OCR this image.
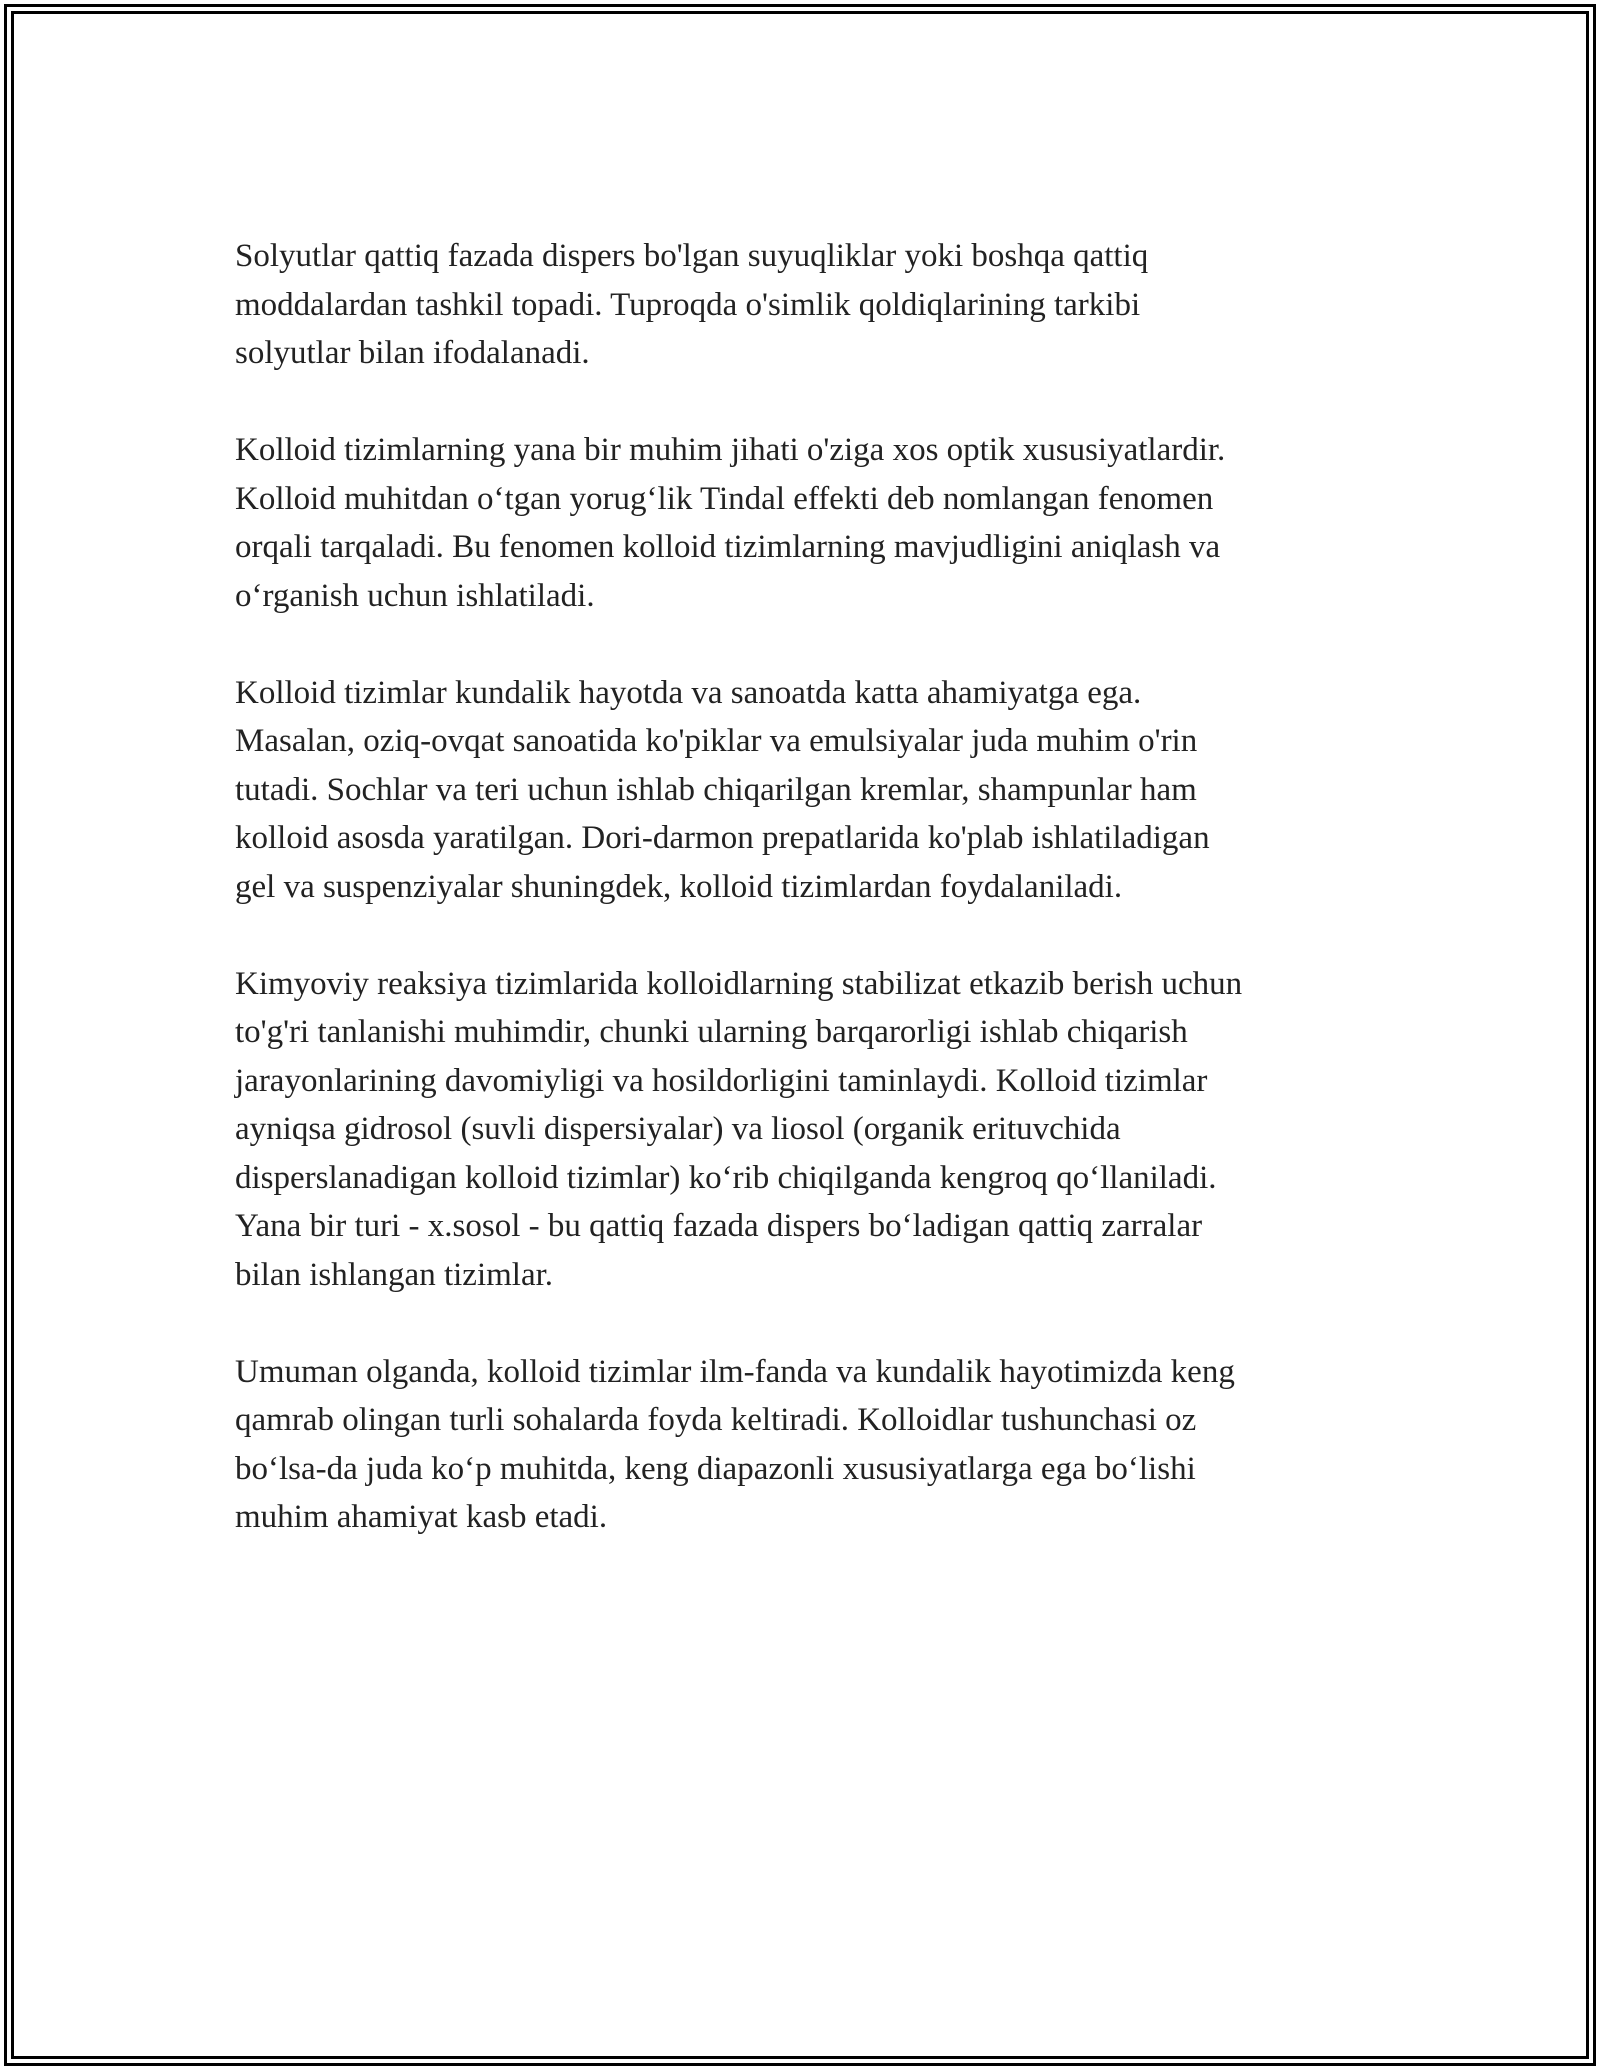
Solyutlar qattiq fazada dispers bo'lgan suyuqliklar yoki boshqa qattiq
moddalardan tashkil topadi. Tuproqda o'simlik qoldiqlarining tarkibi
solyutlar bilan ifodalanadi.

Kolloid tizimlarning yana bir muhim jihati o'ziga xos optik xususiyatlardir.
Kolloid muhitdan o‘tgan yorug‘lik Tindal effekti deb nomlangan fenomen
orqali tarqaladi. Bu fenomen kolloid tizimlarning mavjudligini aniqlash va
o‘rganish uchun ishlatiladi.

Kolloid tizimlar kundalik hayotda va sanoatda katta ahamiyatga ega.
Masalan, oziq-ovqat sanoatida ko'piklar va emulsiyalar juda muhim o'rin
tutadi. Sochlar va teri uchun ishlab chiqarilgan kremlar, shampunlar ham
kolloid asosda yaratilgan. Dori-darmon prepatlarida ko'plab ishlatiladigan
gel va suspenziyalar shuningdek, kolloid tizimlardan foydalaniladi.

Kimyoviy reaksiya tizimlarida kolloidlarning stabilizat etkazib berish uchun
to'g'ri tanlanishi muhimdir, chunki ularning barqarorligi ishlab chiqarish
jarayonlarining davomiyligi va hosildorligini taminlaydi. Kolloid tizimlar
ayniqsa gidrosol (suvli dispersiyalar) va liosol (organik erituvchida
disperslanadigan kolloid tizimlar) ko‘rib chiqilganda kengroq qo‘llaniladi.
Yana bir turi - x.sosol - bu qattiq fazada dispers bo‘ladigan qattiq zarralar
bilan ishlangan tizimlar.

Umuman olganda, kolloid tizimlar ilm-fanda va kundalik hayotimizda keng
qamrab olingan turli sohalarda foyda keltiradi. Kolloidlar tushunchasi oz
bo‘lsa-da juda ko‘p muhitda, keng diapazonli xususiyatlarga ega bo‘lishi
muhim ahamiyat kasb etadi.
